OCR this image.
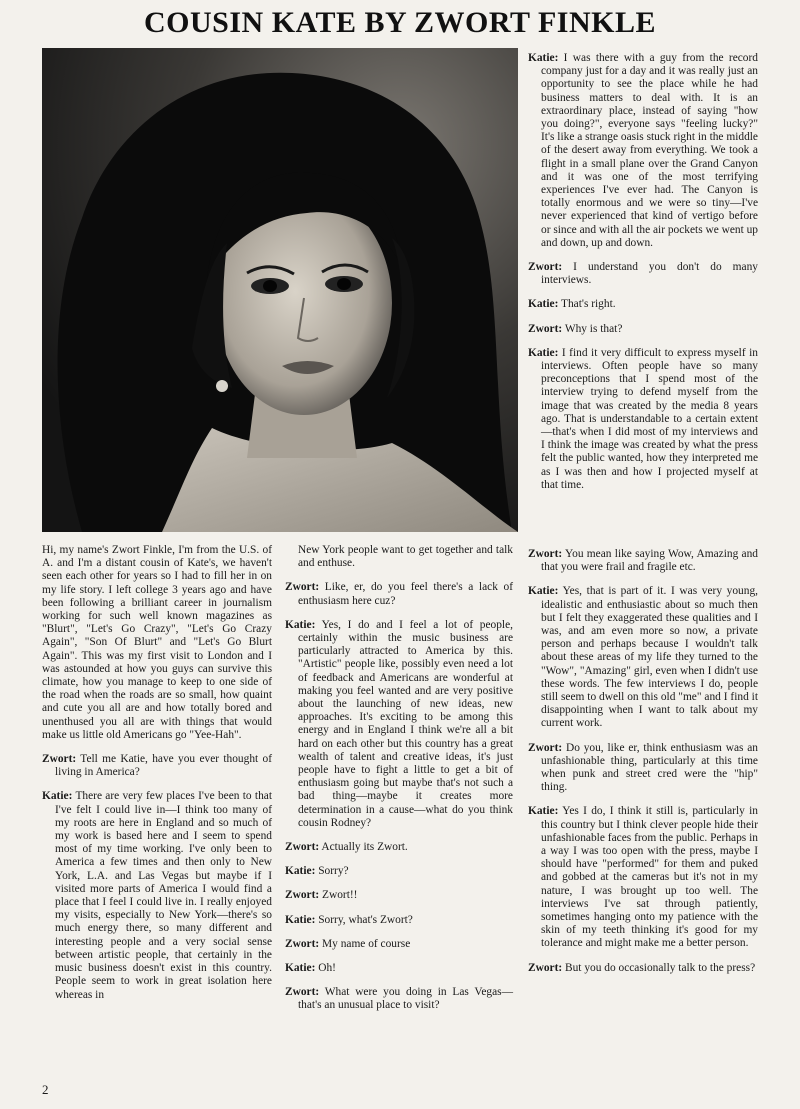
COUSIN KATE BY ZWORT FINKLE

Hi, my name's Zwort Finkle, I'm from the U.S. of A. and I'm a distant cousin of Kate's, we haven't seen each other for years so I had to fill her in on my life story. I left college 3 years ago and have been following a brilliant career in journalism working for such well known magazines as "Blurt", "Let's Go Crazy", "Let's Go Crazy Again", "Son Of Blurt" and "Let's Go Blurt Again". This was my first visit to London and I was astounded at how you guys can survive this climate, how you manage to keep to one side of the road when the roads are so small, how quaint and cute you all are and how totally bored and unenthused you all are with things that would make us little old Americans go "Yee-Hah".

Zwort: Tell me Katie, have you ever thought of living in America?

Katie: There are very few places I've been to that I've felt I could live in—I think too many of my roots are here in England and so much of my work is based here and I seem to spend most of my time working. I've only been to America a few times and then only to New York, L.A. and Las Vegas but maybe if I visited more parts of America I would find a place that I feel I could live in. I really enjoyed my visits, especially to New York—there's so much energy there, so many different and interesting people and a very social sense between artistic people, that certainly in the music business doesn't exist in this country. People seem to work in great isolation here whereas in

New York people want to get together and talk and enthuse.

Zwort: Like, er, do you feel there's a lack of enthusiasm here cuz?

Katie: Yes, I do and I feel a lot of people, certainly within the music business are particularly attracted to America by this. "Artistic" people like, possibly even need a lot of feedback and Americans are wonderful at making you feel wanted and are very positive about the launching of new ideas, new approaches. It's exciting to be among this energy and in England I think we're all a bit hard on each other but this country has a great wealth of talent and creative ideas, it's just people have to fight a little to get a bit of enthusiasm going but maybe that's not such a bad thing—maybe it creates more determination in a cause—what do you think cousin Rodney?

Zwort: Actually its Zwort.

Katie: Sorry?

Zwort: Zwort!!

Katie: Sorry, what's Zwort?

Zwort: My name of course

Katie: Oh!

Zwort: What were you doing in Las Vegas—that's an unusual place to visit?

Katie: I was there with a guy from the record company just for a day and it was really just an opportunity to see the place while he had business matters to deal with. It is an extraordinary place, instead of saying "how you doing?", everyone says "feeling lucky?" It's like a strange oasis stuck right in the middle of the desert away from everything. We took a flight in a small plane over the Grand Canyon and it was one of the most terrifying experiences I've ever had. The Canyon is totally enormous and we were so tiny—I've never experienced that kind of vertigo before or since and with all the air pockets we went up and down, up and down.

Zwort: I understand you don't do many interviews.

Katie: That's right.

Zwort: Why is that?

Katie: I find it very difficult to express myself in interviews. Often people have so many preconceptions that I spend most of the interview trying to defend myself from the image that was created by the media 8 years ago. That is understandable to a certain extent—that's when I did most of my interviews and I think the image was created by what the press felt the public wanted, how they interpreted me as I was then and how I projected myself at that time.

Zwort: You mean like saying Wow, Amazing and that you were frail and fragile etc.

Katie: Yes, that is part of it. I was very young, idealistic and enthusiastic about so much then but I felt they exaggerated these qualities and I was, and am even more so now, a private person and perhaps because I wouldn't talk about these areas of my life they turned to the "Wow", "Amazing" girl, even when I didn't use these words. The few interviews I do, people still seem to dwell on this old "me" and I find it disappointing when I want to talk about my current work.

Zwort: Do you, like er, think enthusiasm was an unfashionable thing, particularly at this time when punk and street cred were the "hip" thing.

Katie: Yes I do, I think it still is, particularly in this country but I think clever people hide their unfashionable faces from the public. Perhaps in a way I was too open with the press, maybe I should have "performed" for them and puked and gobbed at the cameras but it's not in my nature, I was brought up too well. The interviews I've sat through patiently, sometimes hanging onto my patience with the skin of my teeth thinking it's good for my tolerance and might make me a better person.

Zwort: But you do occasionally talk to the press?

2
